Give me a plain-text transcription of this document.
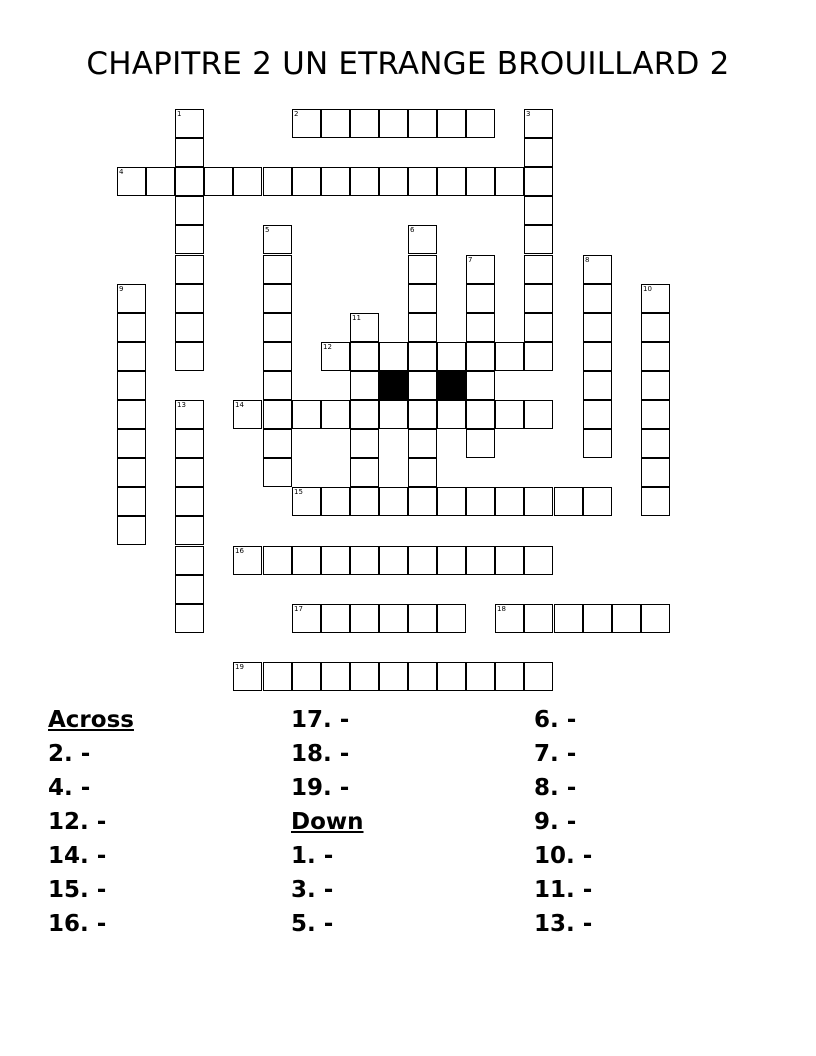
CHAPITRE 2 UN ETRANGE BROUILLARD 2
1	2	3
4
5	6
7	8
9	10
11
12
13	14
15
16
17	18
19
Across
2. -
4. -
12. -
14. -
15. -
16. -
17. -
18. -
19. -
Down
1. -
3. -
5. -
6. -
7. -
8. -
9. -
10. -
11. -
13. -
